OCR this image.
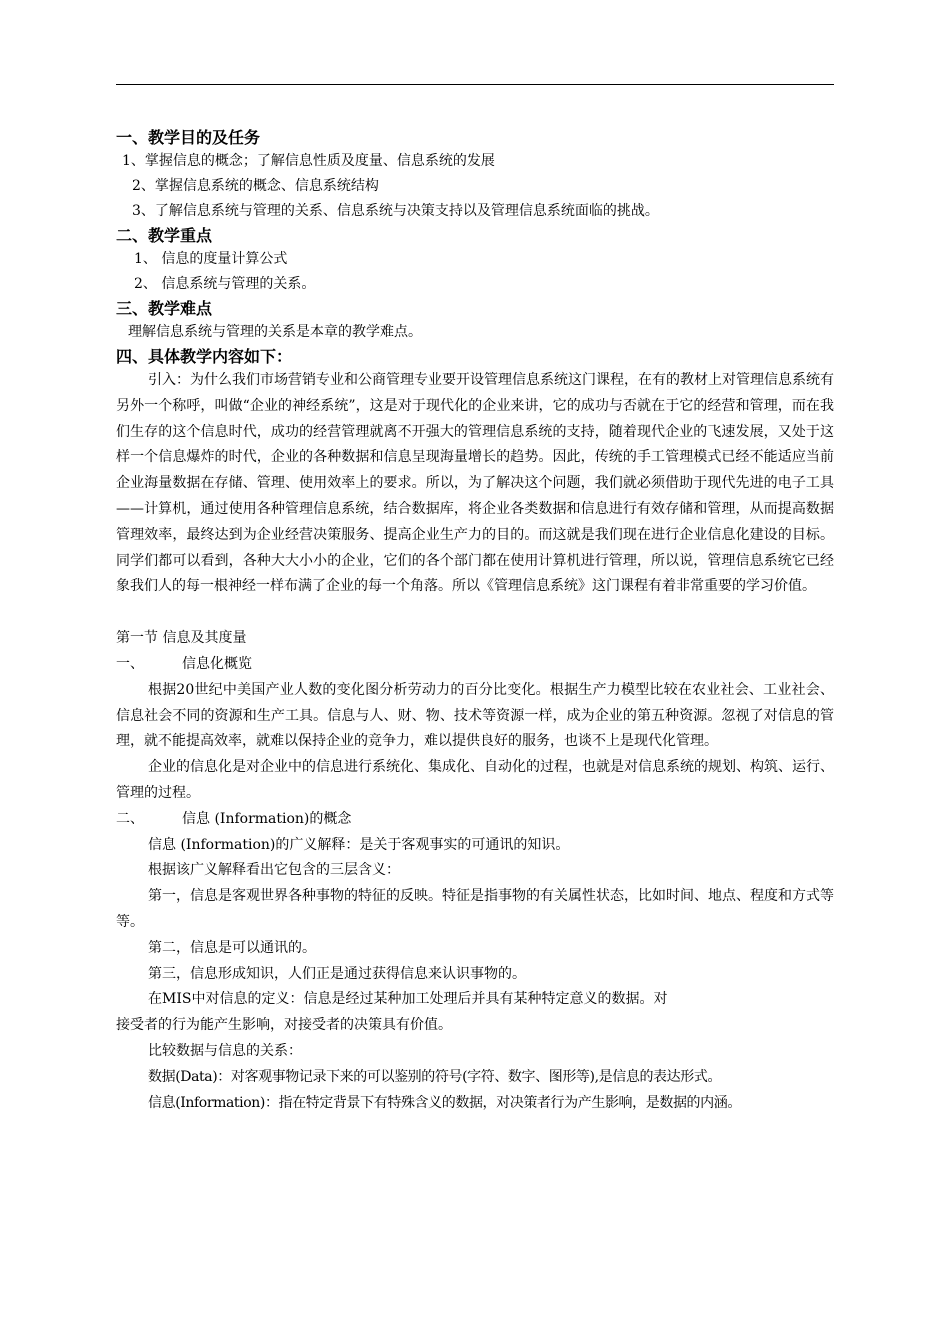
一、教学目的及任务
1、掌握信息的概念；了解信息性质及度量、信息系统的发展
2、掌握信息系统的概念、信息系统结构
3、了解信息系统与管理的关系、信息系统与决策支持以及管理信息系统面临的挑战。
二、教学重点
1、 信息的度量计算公式
2、 信息系统与管理的关系。
三、教学难点
理解信息系统与管理的关系是本章的教学难点。
四、具体教学内容如下：

引入：为什么我们市场营销专业和公商管理专业要开设管理信息系统这门课程，在有的教材上对管理信息系统有另外一个称呼，叫做“企业的神经系统”，这是对于现代化的企业来讲，它的成功与否就在于它的经营和管理，而在我们生存的这个信息时代，成功的经营管理就离不开强大的管理信息系统的支持，随着现代企业的飞速发展，又处于这样一个信息爆炸的时代，企业的各种数据和信息呈现海量增长的趋势。因此，传统的手工管理模式已经不能适应当前企业海量数据在存储、管理、使用效率上的要求。所以，为了解决这个问题，我们就必须借助于现代先进的电子工具——计算机，通过使用各种管理信息系统，结合数据库，将企业各类数据和信息进行有效存储和管理，从而提高数据管理效率，最终达到为企业经营决策服务、提高企业生产力的目的。而这就是我们现在进行企业信息化建设的目标。同学们都可以看到，各种大大小小的企业，它们的各个部门都在使用计算机进行管理，所以说，管理信息系统它已经象我们人的每一根神经一样布满了企业的每一个角落。所以《管理信息系统》这门课程有着非常重要的学习价值。

第一节 信息及其度量
一、	信息化概览

根据20世纪中美国产业人数的变化图分析劳动力的百分比变化。根据生产力模型比较在农业社会、工业社会、信息社会不同的资源和生产工具。信息与人、财、物、技术等资源一样，成为企业的第五种资源。忽视了对信息的管理，就不能提高效率，就难以保持企业的竞争力，难以提供良好的服务，也谈不上是现代化管理。

企业的信息化是对企业中的信息进行系统化、集成化、自动化的过程，也就是对信息系统的规划、构筑、运行、管理的过程。

二、	信息 (Information)的概念

信息 (Information)的广义解释：是关于客观事实的可通讯的知识。

根据该广义解释看出它包含的三层含义：

第一，信息是客观世界各种事物的特征的反映。特征是指事物的有关属性状态，比如时间、地点、程度和方式等等。

第二，信息是可以通讯的。

第三，信息形成知识，人们正是通过获得信息来认识事物的。

在MIS中对信息的定义：信息是经过某种加工处理后并具有某种特定意义的数据。对
接受者的行为能产生影响，对接受者的决策具有价值。

比较数据与信息的关系：

数据(Data)：对客观事物记录下来的可以鉴别的符号(字符、数字、图形等),是信息的表达形式。

信息(Information)：指在特定背景下有特殊含义的数据，对决策者行为产生影响，是数据的内涵。
